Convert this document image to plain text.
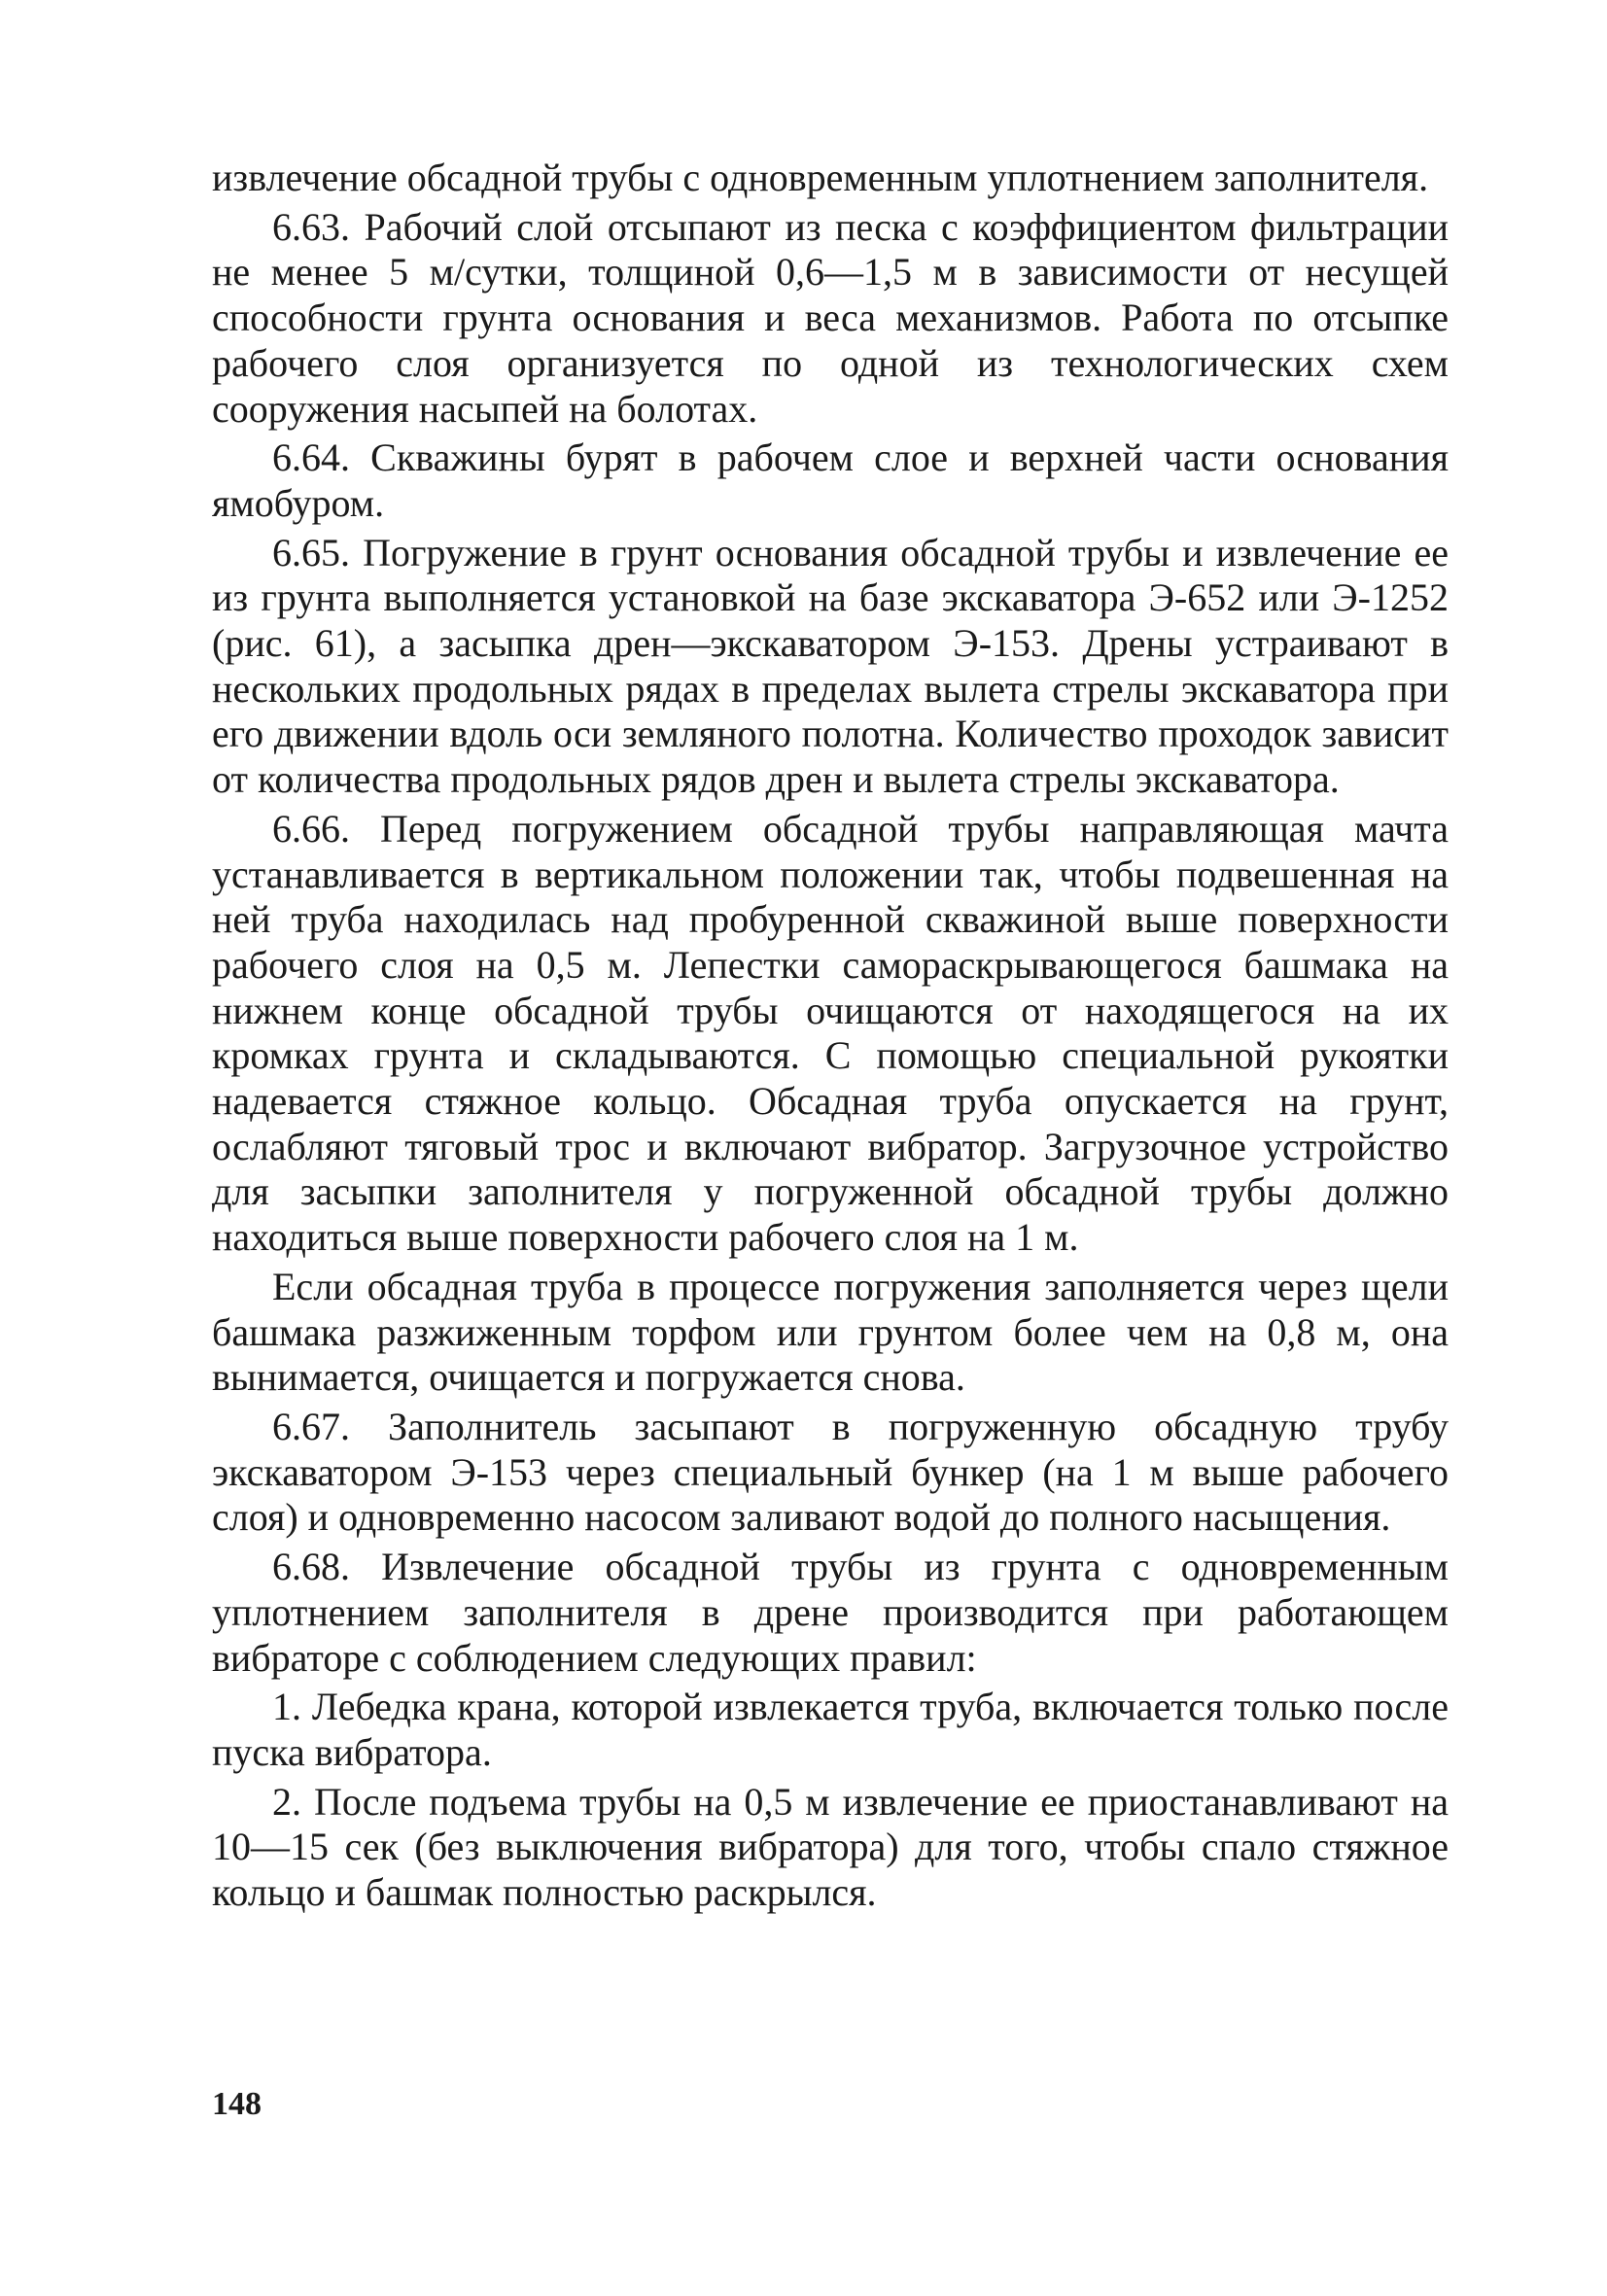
извлечение обсадной трубы с одновременным уплотнением заполнителя.

6.63. Рабочий слой отсыпают из песка с коэффициентом фильтрации не менее 5 м/сутки, толщиной 0,6—1,5 м в зависимости от несущей способности грунта основания и веса механизмов. Работа по отсыпке рабочего слоя организуется по одной из технологических схем сооружения насыпей на болотах.

6.64. Скважины бурят в рабочем слое и верхней части основания ямобуром.

6.65. Погружение в грунт основания обсадной трубы и извлечение ее из грунта выполняется установкой на базе экскаватора Э-652 или Э-1252 (рис. 61), а засыпка дрен—экскаватором Э-153. Дрены устраивают в нескольких продольных рядах в пределах вылета стрелы экскаватора при его движении вдоль оси земляного полотна. Количество проходок зависит от количества продольных рядов дрен и вылета стрелы экскаватора.

6.66. Перед погружением обсадной трубы направляющая мачта устанавливается в вертикальном положении так, чтобы подвешенная на ней труба находилась над пробуренной скважиной выше поверхности рабочего слоя на 0,5 м. Лепестки самораскрывающегося башмака на нижнем конце обсадной трубы очищаются от находящегося на их кромках грунта и складываются. С помощью специальной рукоятки надевается стяжное кольцо. Обсадная труба опускается на грунт, ослабляют тяговый трос и включают вибратор. Загрузочное устройство для засыпки заполнителя у погруженной обсадной трубы должно находиться выше поверхности рабочего слоя на 1 м.

Если обсадная труба в процессе погружения заполняется через щели башмака разжиженным торфом или грунтом более чем на 0,8 м, она вынимается, очищается и погружается снова.

6.67. Заполнитель засыпают в погруженную обсадную трубу экскаватором Э-153 через специальный бункер (на 1 м выше рабочего слоя) и одновременно насосом заливают водой до полного насыщения.

6.68. Извлечение обсадной трубы из грунта с одновременным уплотнением заполнителя в дрене производится при работающем вибраторе с соблюдением следующих правил:

1. Лебедка крана, которой извлекается труба, включается только после пуска вибратора.

2. После подъема трубы на 0,5 м извлечение ее приостанавливают на 10—15 сек (без выключения вибратора) для того, чтобы спало стяжное кольцо и башмак полностью раскрылся.

148
